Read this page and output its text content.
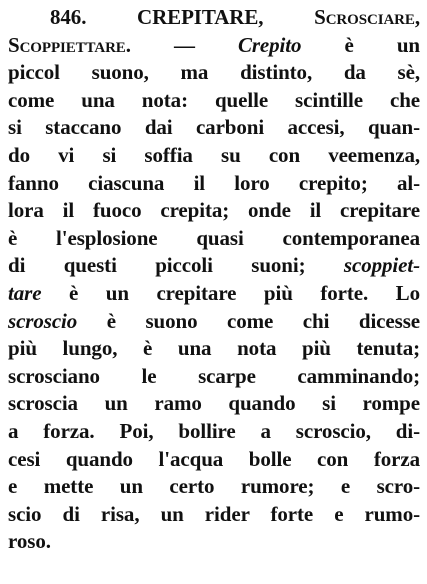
846. CREPITARE, Scrosciare,
Scoppiettare. — Crepito è un
piccol suono, ma distinto, da sè,
come una nota: quelle scintille che
si staccano dai carboni accesi, quan-
do vi si soffia su con veemenza,
fanno ciascuna il loro crepito; al-
lora il fuoco crepita; onde il crepitare
è l'esplosione quasi contemporanea
di questi piccoli suoni; scoppiet-
tare è un crepitare più forte. Lo
scroscio è suono come chi dicesse
più lungo, è una nota più tenuta;
scrosciano le scarpe camminando;
scroscia un ramo quando si rompe
a forza. Poi, bollire a scroscio, di-
cesi quando l'acqua bolle con forza
e mette un certo rumore; e scro-
scio di risa, un rider forte e rumo-
roso.
